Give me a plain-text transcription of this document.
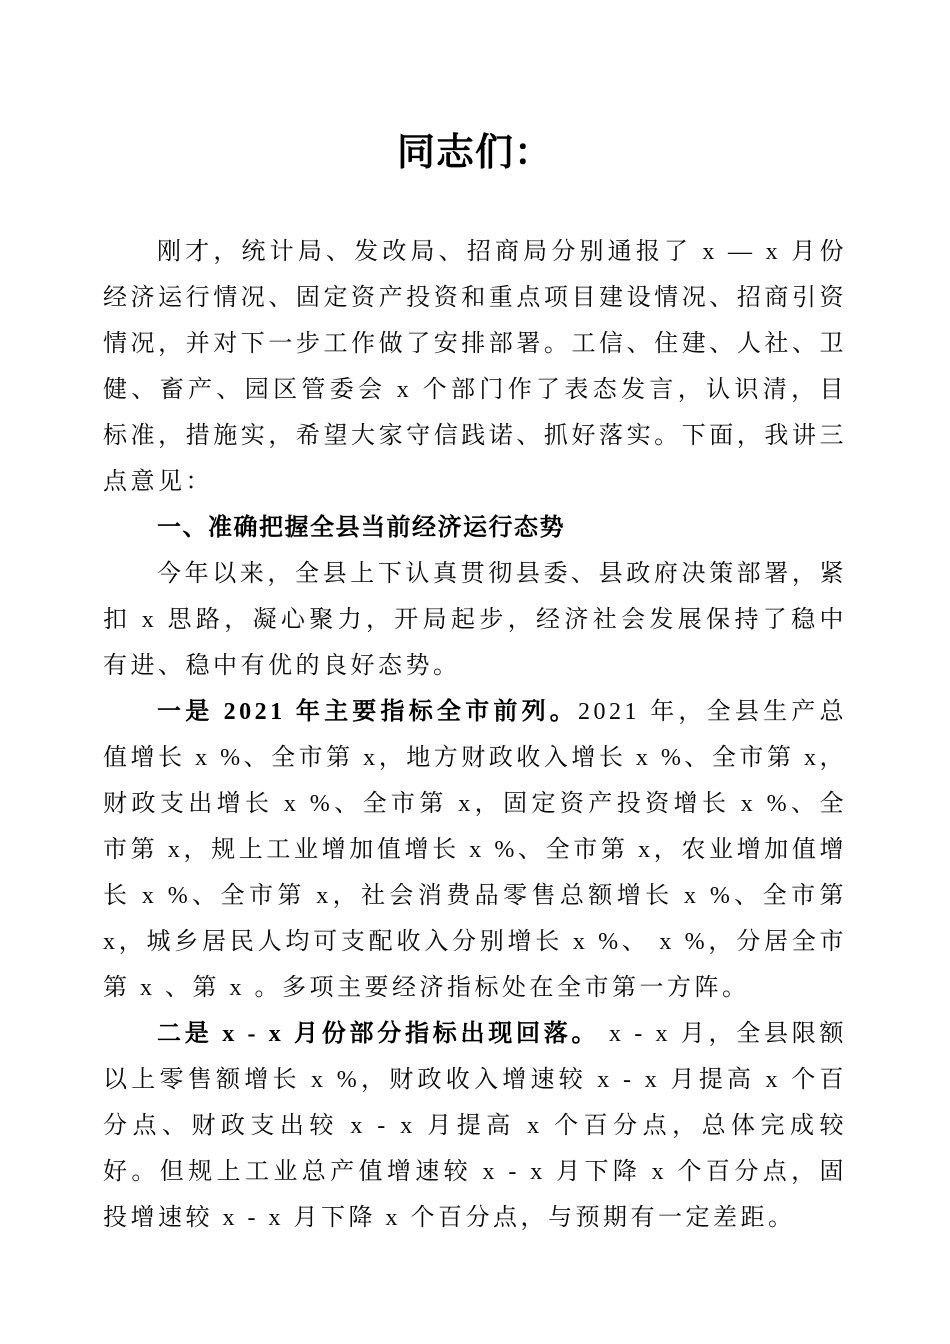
同志们：

刚才，统计局、发改局、招商局分别通报了 x — x 月份经济运行情况、固定资产投资和重点项目建设情况、招商引资情况，并对下一步工作做了安排部署。工信、住建、人社、卫健、畜产、园区管委会 x 个部门作了表态发言，认识清，目标准，措施实，希望大家守信践诺、抓好落实。下面，我讲三点意见：

一、准确把握全县当前经济运行态势

今年以来，全县上下认真贯彻县委、县政府决策部署，紧扣 x 思路，凝心聚力，开局起步，经济社会发展保持了稳中有进、稳中有优的良好态势。

一是 2021 年主要指标全市前列。2021 年，全县生产总值增长 x %、全市第 x，地方财政收入增长 x %、全市第 x，财政支出增长 x %、全市第 x，固定资产投资增长 x %、全市第 x，规上工业增加值增长 x %、全市第 x，农业增加值增长 x %、全市第 x，社会消费品零售总额增长 x %、全市第 x，城乡居民人均可支配收入分别增长 x %、 x %，分居全市第 x 、第 x 。多项主要经济指标处在全市第一方阵。

二是 x - x 月份部分指标出现回落。 x - x 月，全县限额以上零售额增长 x %，财政收入增速较 x - x 月提高 x 个百分点、财政支出较 x - x 月提高 x 个百分点，总体完成较好。但规上工业总产值增速较 x - x 月下降 x 个百分点，固投增速较 x - x 月下降 x 个百分点，与预期有一定差距。
